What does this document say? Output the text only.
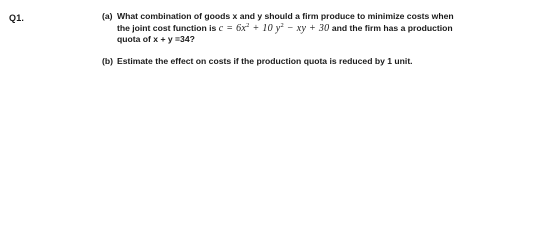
Q1.	(a) What combination of goods x and y should a firm produce to minimize costs when
the joint cost function is $c = 6x^2 + 10$ $y^2$ − xy + 30 and the firm has a production
quota of x + y =34?
(b) Estimate the effect on costs if the production quota is reduced by 1 unit.
